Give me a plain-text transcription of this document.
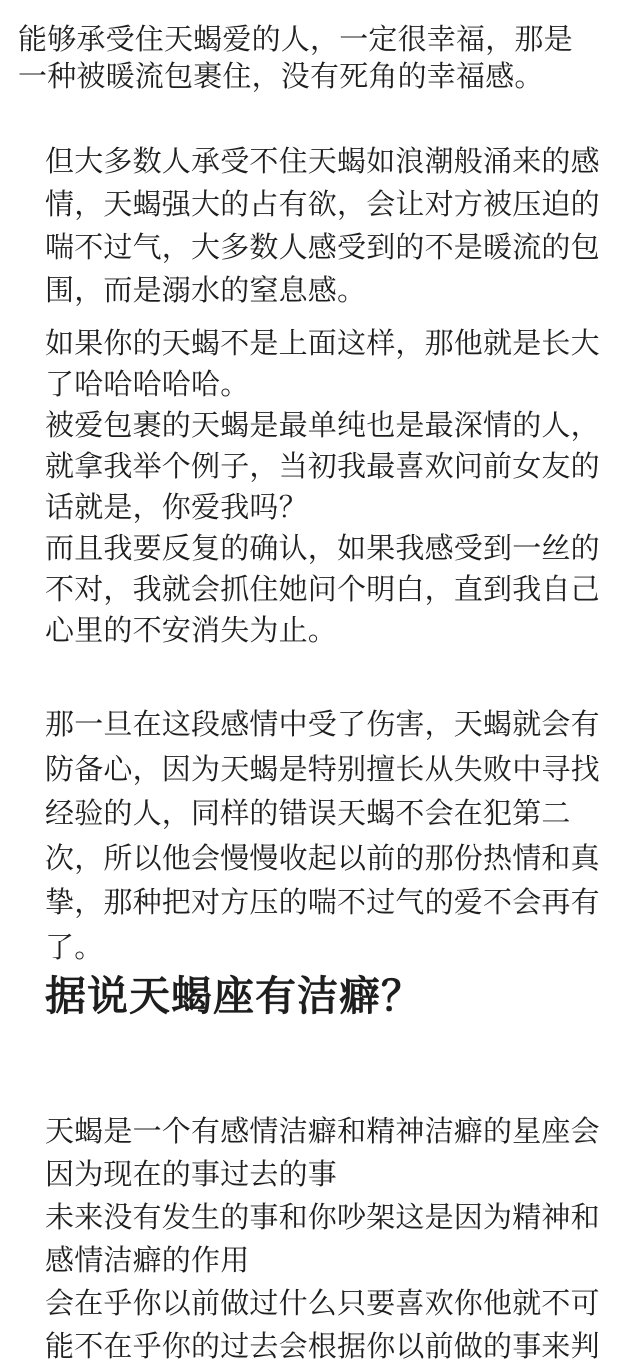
能够承受住天蝎爱的人，一定很幸福，那是
一种被暖流包裹住，没有死角的幸福感。
但大多数人承受不住天蝎如浪潮般涌来的感
情，天蝎强大的占有欲，会让对方被压迫的
喘不过气，大多数人感受到的不是暖流的包
围，而是溺水的窒息感。
如果你的天蝎不是上面这样，那他就是长大
了哈哈哈哈哈。
被爱包裹的天蝎是最单纯也是最深情的人，
就拿我举个例子，当初我最喜欢问前女友的
话就是，你爱我吗？
而且我要反复的确认，如果我感受到一丝的
不对，我就会抓住她问个明白，直到我自己
心里的不安消失为止。
那一旦在这段感情中受了伤害，天蝎就会有
防备心，因为天蝎是特别擅长从失败中寻找
经验的人，同样的错误天蝎不会在犯第二
次，所以他会慢慢收起以前的那份热情和真
挚，那种把对方压的喘不过气的爱不会再有
了。
据说天蝎座有洁癖？
天蝎是一个有感情洁癖和精神洁癖的星座会
因为现在的事过去的事
未来没有发生的事和你吵架这是因为精神和
感情洁癖的作用
会在乎你以前做过什么只要喜欢你他就不可
能不在乎你的过去会根据你以前做的事来判
